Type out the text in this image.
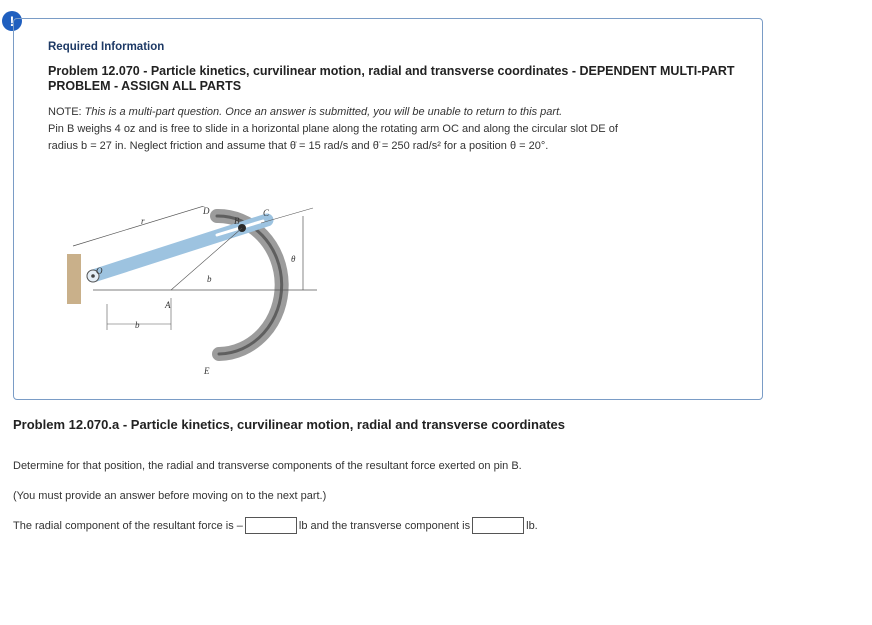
!
Required Information
Problem 12.070 - Particle kinetics, curvilinear motion, radial and transverse coordinates - DEPENDENT MULTI-PART PROBLEM - ASSIGN ALL PARTS
NOTE: This is a multi-part question. Once an answer is submitted, you will be unable to return to this part.
Pin B weighs 4 oz and is free to slide in a horizontal plane along the rotating arm OC and along the circular slot DE of
radius b = 27 in. Neglect friction and assume that θ̇ = 15 rad/s and θ̈ = 250 rad/s² for a position θ = 20°.
r
D
B
C
θ
O
A
b
b
E
Problem 12.070.a - Particle kinetics, curvilinear motion, radial and transverse coordinates
Determine for that position, the radial and transverse components of the resultant force exerted on pin B.
(You must provide an answer before moving on to the next part.)
The radial component of the resultant force is –	lb and the transverse component is	lb.
